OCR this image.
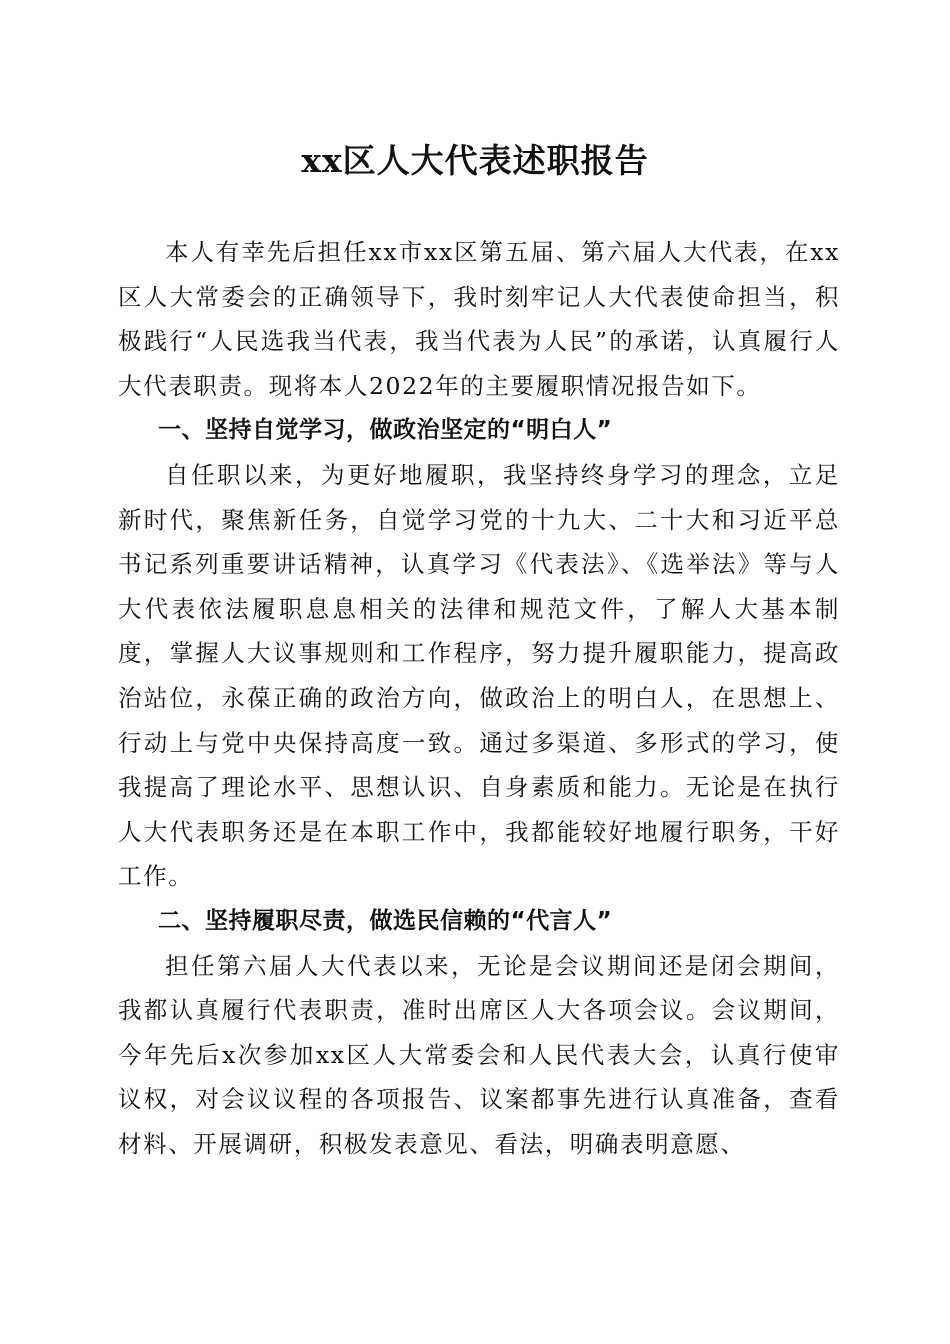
xx区人大代表述职报告

本人有幸先后担任xx市xx区第五届、第六届人大代表，在xx区人大常委会的正确领导下，我时刻牢记人大代表使命担当，积极践行“人民选我当代表，我当代表为人民”的承诺，认真履行人大代表职责。现将本人2022年的主要履职情况报告如下。

一、坚持自觉学习，做政治坚定的“明白人”

自任职以来，为更好地履职，我坚持终身学习的理念，立足新时代，聚焦新任务，自觉学习党的十九大、二十大和习近平总书记系列重要讲话精神，认真学习《代表法》、《选举法》等与人大代表依法履职息息相关的法律和规范文件，了解人大基本制度，掌握人大议事规则和工作程序，努力提升履职能力，提高政治站位，永葆正确的政治方向，做政治上的明白人，在思想上、行动上与党中央保持高度一致。通过多渠道、多形式的学习，使我提高了理论水平、思想认识、自身素质和能力。无论是在执行人大代表职务还是在本职工作中，我都能较好地履行职务，干好工作。

二、坚持履职尽责，做选民信赖的“代言人”

担任第六届人大代表以来，无论是会议期间还是闭会期间，我都认真履行代表职责，准时出席区人大各项会议。会议期间，今年先后x次参加xx区人大常委会和人民代表大会，认真行使审议权，对会议议程的各项报告、议案都事先进行认真准备，查看材料、开展调研，积极发表意见、看法，明确表明意愿、
